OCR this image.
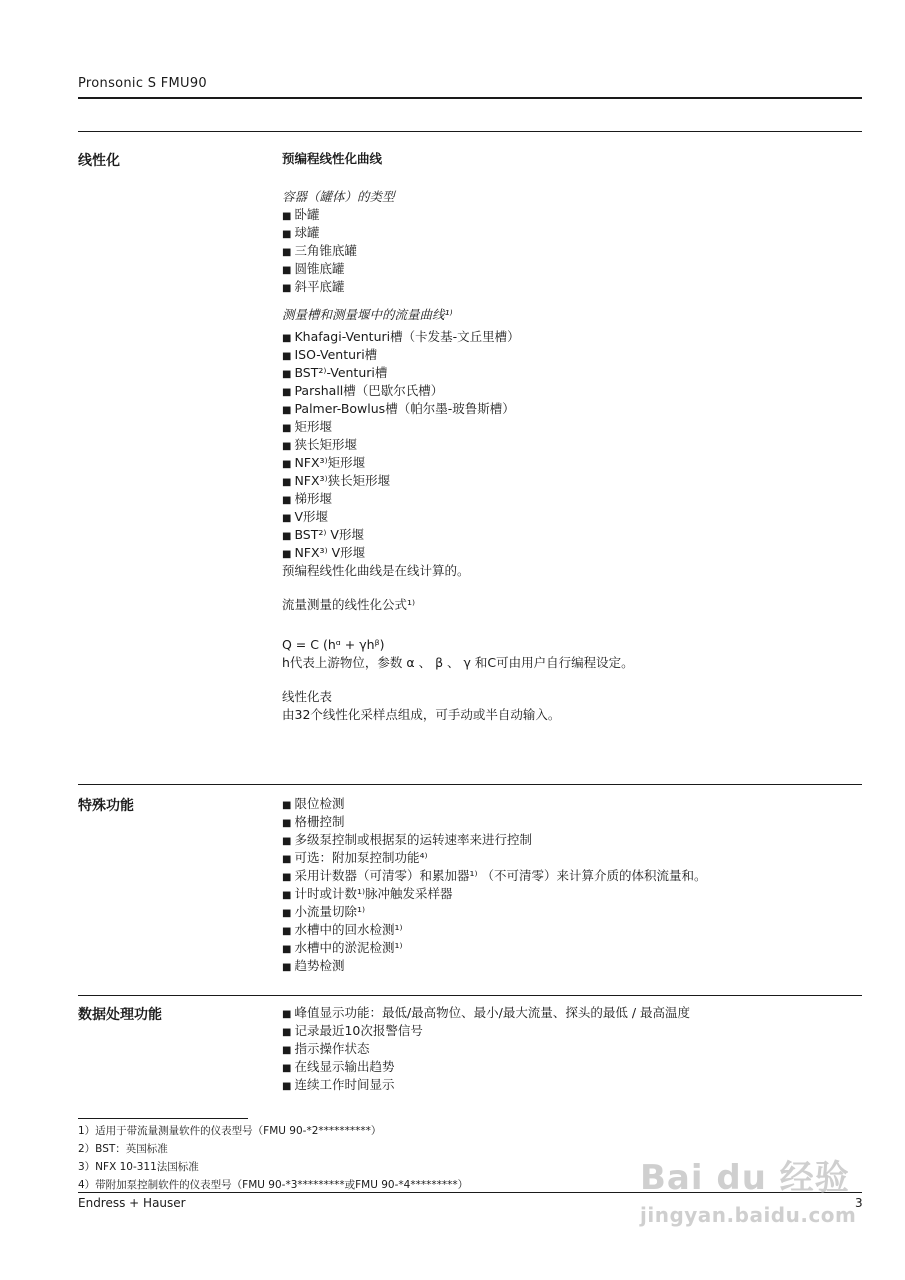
Pronsonic S FMU90
线性化	预编程线性化曲线
容器（罐体）的类型
■ 卧罐
■ 球罐
■ 三角锥底罐
■ 圆锥底罐
■ 斜平底罐
测量槽和测量堰中的流量曲线¹⁾
■ Khafagi-Venturi槽（卡发基-文丘里槽）
■ ISO-Venturi槽
■ BST²⁾-Venturi槽
■ Parshall槽（巴歇尔氏槽）
■ Palmer-Bowlus槽（帕尔墨-玻鲁斯槽）
■ 矩形堰
■ 狭长矩形堰
■ NFX³⁾矩形堰
■ NFX³⁾狭长矩形堰
■ 梯形堰
■ V形堰
■ BST²⁾ V形堰
■ NFX³⁾ V形堰
预编程线性化曲线是在线计算的。
流量测量的线性化公式¹⁾
Q = C (hᵅ + γhᵝ)
h代表上游物位，参数 α 、 β 、 γ 和C可由用户自行编程设定。
线性化表
由32个线性化采样点组成，可手动或半自动输入。
特殊功能	■ 限位检测
■ 格栅控制
■ 多级泵控制或根据泵的运转速率来进行控制
■ 可选：附加泵控制功能⁴⁾
■ 采用计数器（可清零）和累加器¹⁾ （不可清零）来计算介质的体积流量和。
■ 计时或计数¹⁾脉冲触发采样器
■ 小流量切除¹⁾
■ 水槽中的回水检测¹⁾
■ 水槽中的淤泥检测¹⁾
■ 趋势检测
数据处理功能	■ 峰值显示功能：最低/最高物位、最小/最大流量、探头的最低 / 最高温度
■ 记录最近10次报警信号
■ 指示操作状态
■ 在线显示输出趋势
■ 连续工作时间显示
1）适用于带流量测量软件的仪表型号（FMU 90-*2**********）
2）BST：英国标准
3）NFX 10-311法国标准
4）带附加泵控制软件的仪表型号（FMU 90-*3*********或FMU 90-*4*********）
Endress + Hauser	3
Bai du 经验
jingyan.baidu.com
